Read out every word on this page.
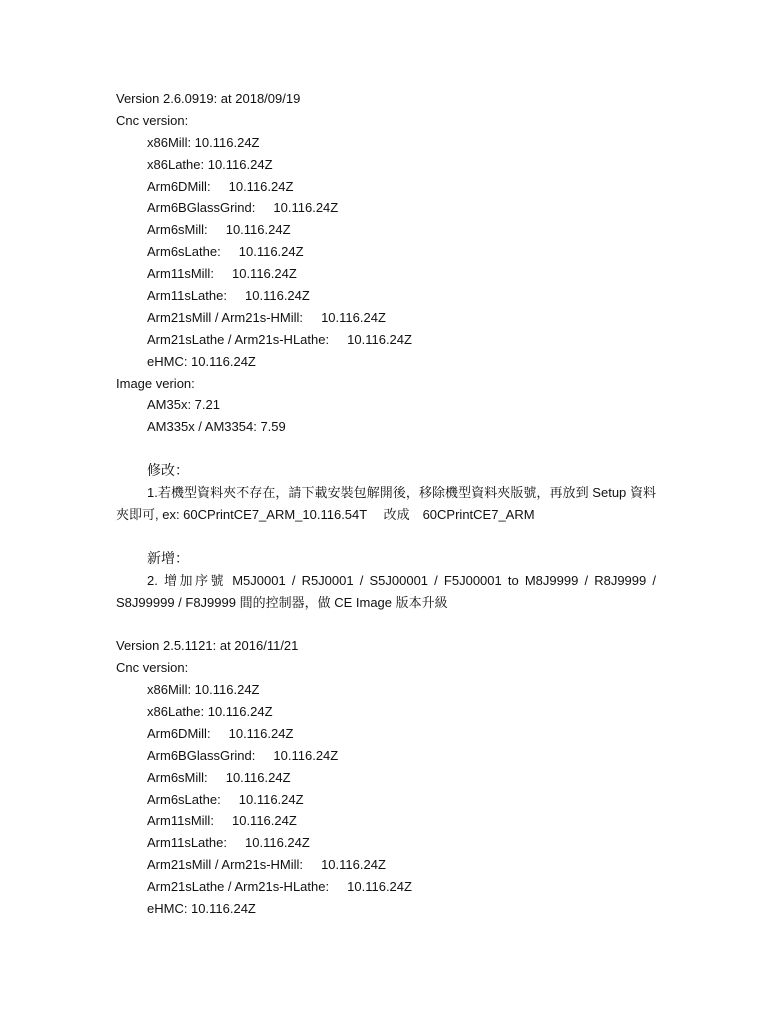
Version 2.6.0919: at 2018/09/19
Cnc version:
x86Mill: 10.116.24Z
x86Lathe: 10.116.24Z
Arm6DMill:     10.116.24Z
Arm6BGlassGrind:     10.116.24Z
Arm6sMill:     10.116.24Z
Arm6sLathe:     10.116.24Z
Arm11sMill:     10.116.24Z
Arm11sLathe:     10.116.24Z
Arm21sMill / Arm21s-HMill:     10.116.24Z
Arm21sLathe / Arm21s-HLathe:     10.116.24Z
eHMC: 10.116.24Z
Image verion:
AM35x: 7.21
AM335x / AM3354: 7.59
修改：
1.若機型資料夾不存在，請下載安裝包解開後，移除機型資料夾版號，再放到 Setup 資料夾即可, ex: 60CPrintCE7_ARM_10.116.54T　 改成　60CPrintCE7_ARM
新增：
2. 增加序號 M5J0001 / R5J0001 / S5J00001 / F5J00001 to M8J9999 / R8J9999 / S8J99999 / F8J9999 間的控制器，做 CE Image 版本升級
Version 2.5.1121: at 2016/11/21
Cnc version:
x86Mill: 10.116.24Z
x86Lathe: 10.116.24Z
Arm6DMill:     10.116.24Z
Arm6BGlassGrind:     10.116.24Z
Arm6sMill:     10.116.24Z
Arm6sLathe:     10.116.24Z
Arm11sMill:     10.116.24Z
Arm11sLathe:     10.116.24Z
Arm21sMill / Arm21s-HMill:     10.116.24Z
Arm21sLathe / Arm21s-HLathe:     10.116.24Z
eHMC: 10.116.24Z
